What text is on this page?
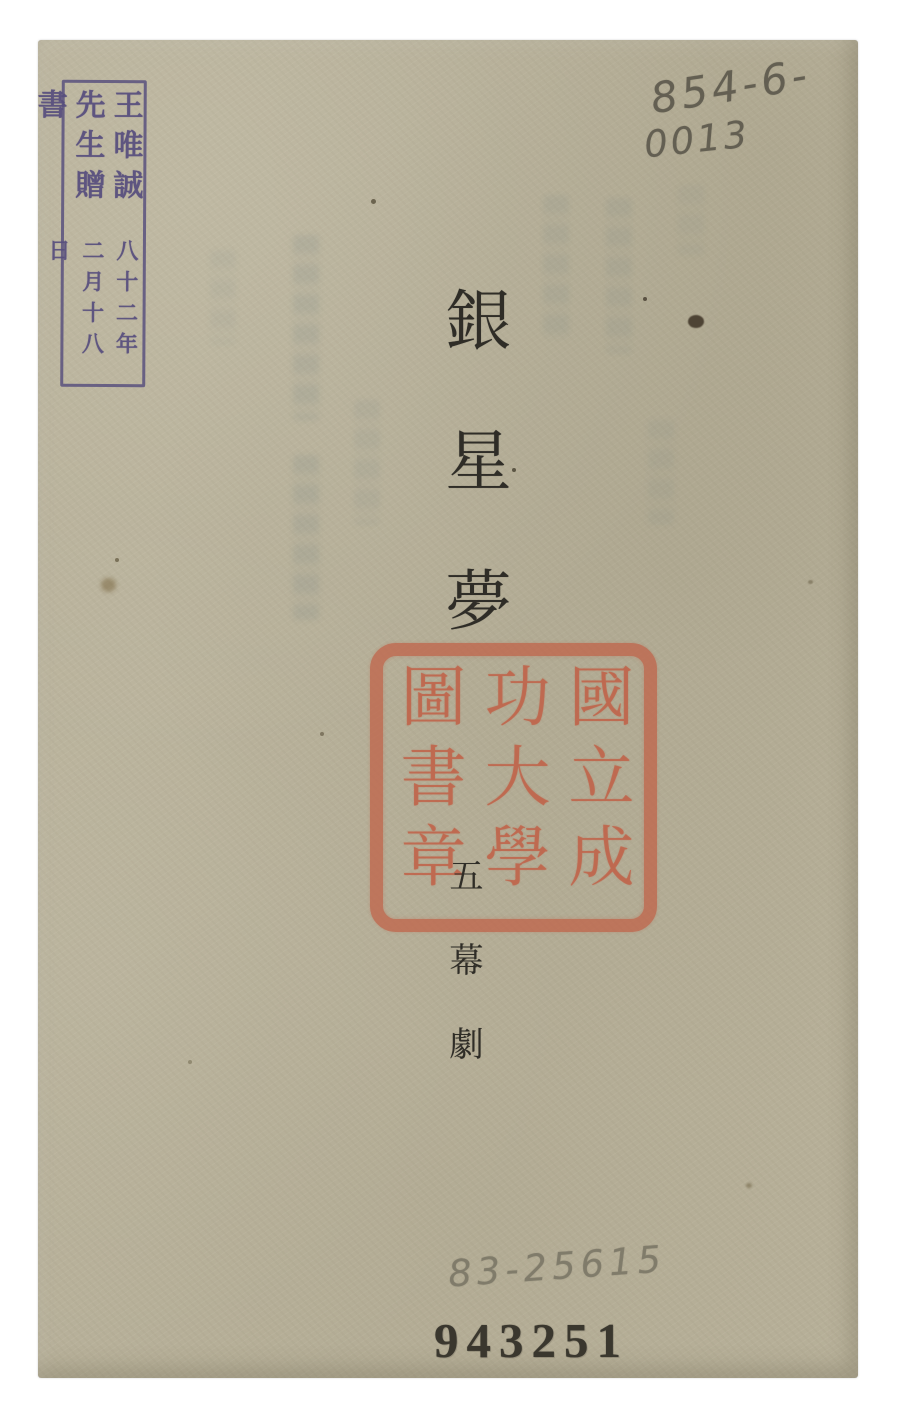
王唯誠先生贈書
八十二年二月十八日
854-6-
0013
銀星夢
國立成功大學圖書章
五幕劇
83-25615
943251
